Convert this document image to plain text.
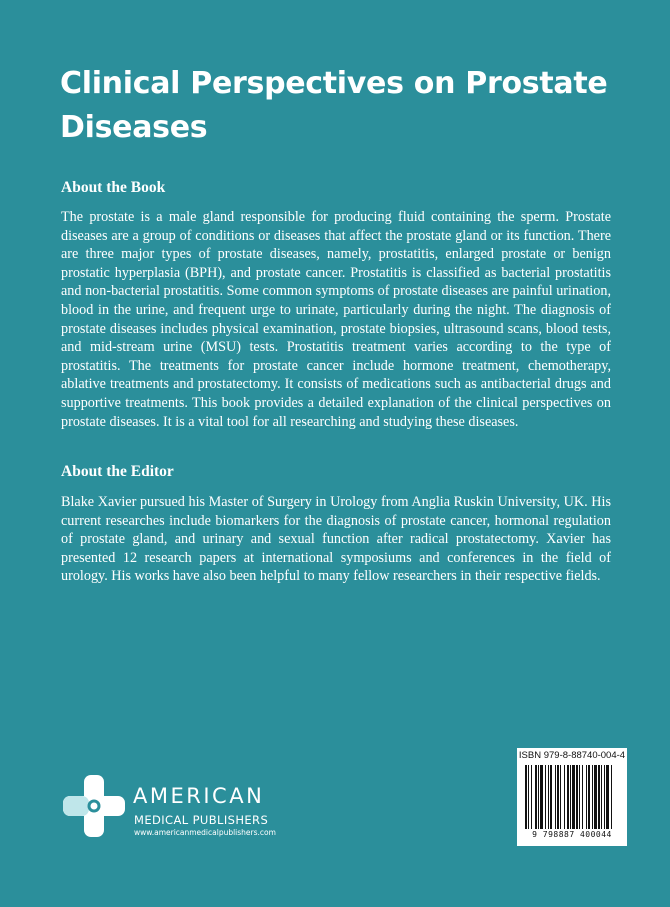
Clinical Perspectives on Prostate Diseases
About the Book

The prostate is a male gland responsible for producing fluid containing the sperm. Prostate diseases are a group of conditions or diseases that affect the prostate gland or its function. There are three major types of prostate diseases, namely, prostatitis, enlarged prostate or benign prostatic hyperplasia (BPH), and prostate cancer. Prostatitis is classified as bacterial prostatitis and non-bacterial prostatitis. Some common symptoms of prostate diseases are painful urination, blood in the urine, and frequent urge to urinate, particularly during the night. The diagnosis of prostate diseases includes physical examination, prostate biopsies, ultrasound scans, blood tests, and mid-stream urine (MSU) tests. Prostatitis treatment varies according to the type of prostatitis. The treatments for prostate cancer include hormone treatment, chemotherapy, ablative treatments and prostatectomy. It consists of medications such as antibacterial drugs and supportive treatments. This book provides a detailed explanation of the clinical perspectives on prostate diseases. It is a vital tool for all researching and studying these diseases.

About the Editor

Blake Xavier pursued his Master of Surgery in Urology from Anglia Ruskin University, UK. His current researches include biomarkers for the diagnosis of prostate cancer, hormonal regulation of prostate gland, and urinary and sexual function after radical prostatectomy. Xavier has presented 12 research papers at international symposiums and conferences in the field of urology. His works have also been helpful to many fellow researchers in their respective fields.

ISBN 979-8-88740-004-4
9 798887 400044
AMERICAN
MEDICAL PUBLISHERS
www.americanmedicalpublishers.com
